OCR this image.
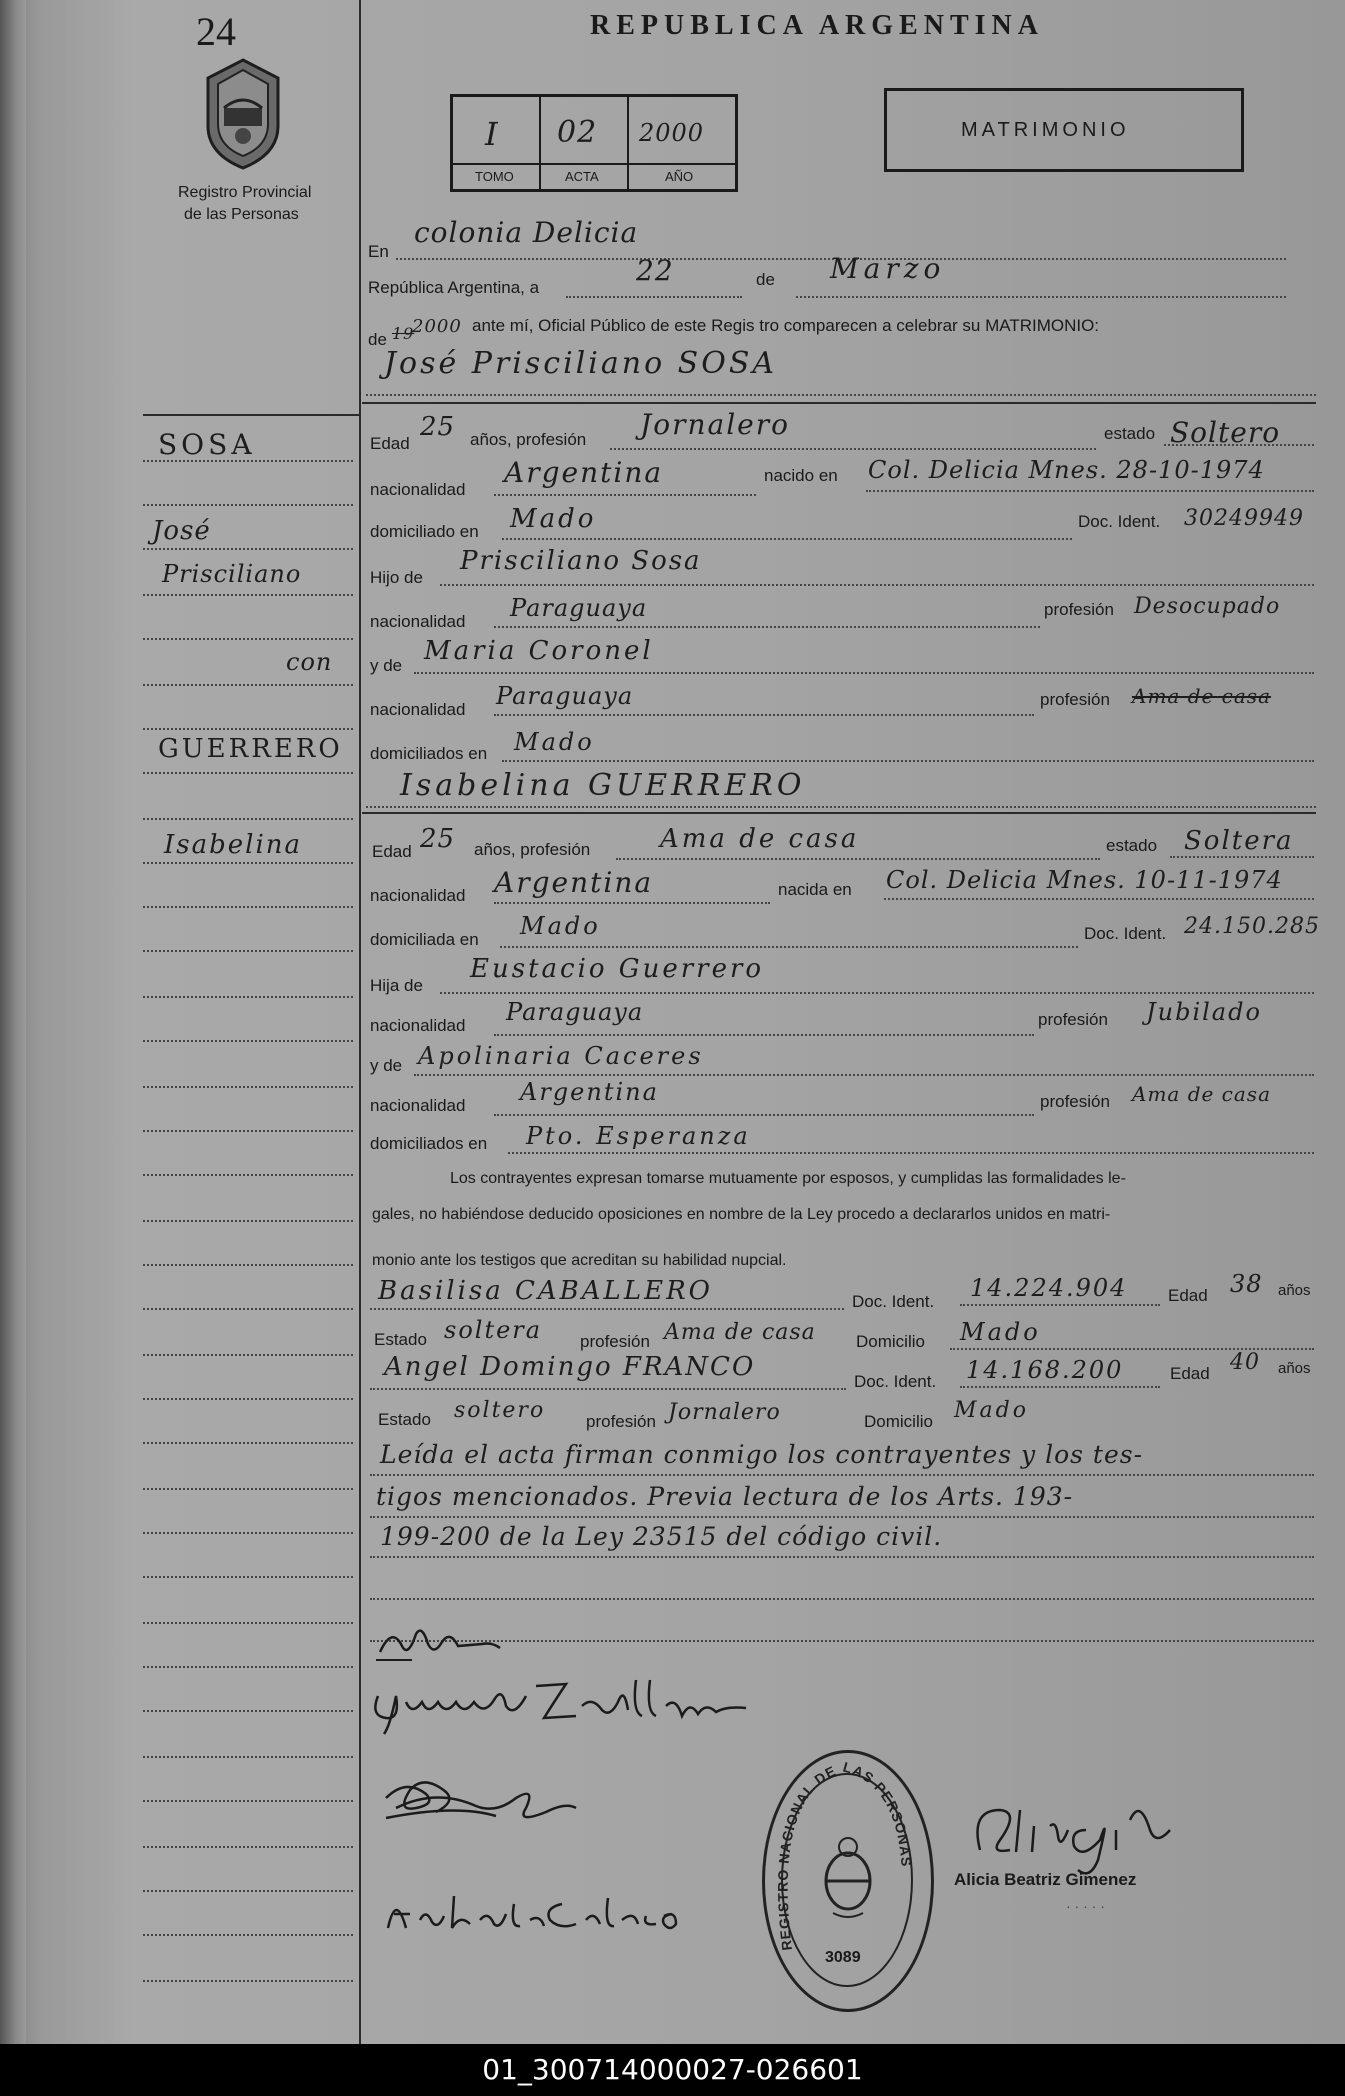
24
Registro Provincial
de las Personas
REPUBLICA ARGENTINA
I 02 2000
TOMO	ACTA	AÑO
MATRIMONIO
SOSA
José
Prisciliano
con
GUERRERO
Isabelina
En
colonia Delicia
República Argentina, a
22	de Marzo
de 19
2000 ante mí, Oficial Público de este Regis tro comparecen a celebrar su MATRIMONIO:
José Prisciliano SOSA
Edad
25 años, profesión Jornalero	estado Soltero
nacionalidad
Argentina	nacido en Col. Delicia Mnes. 28-10-1974
domiciliado en Mado	Doc. Ident. 30249949
Hijo de
Prisciliano Sosa
nacionalidad Paraguaya	profesión Desocupado
y de Maria Coronel
nacionalidad Paraguaya	profesión Ama de casa
domiciliados en Mado
Isabelina GUERRERO
Edad 25 años, profesión	Ama de casa	estado Soltera
nacionalidad Argentina	nacida en Col. Delicia Mnes. 10-11-1974
domiciliada en Mado	Doc. Ident. 24.150.285
Hija de
Eustacio Guerrero
nacionalidad Paraguaya	profesión Jubilado
y de Apolinaria Caceres
nacionalidad Argentina	profesión Ama de casa
domiciliados en Pto. Esperanza
Los contrayentes expresan tomarse mutuamente por esposos, y cumplidas las formalidades le-
gales, no habiéndose deducido oposiciones en nombre de la Ley procedo a declararlos unidos en matri-
monio ante los testigos que acreditan su habilidad nupcial.
Basilisa CABALLERO	Doc. Ident. 14.224.904 Edad 38 años
Estado soltera profesión Ama de casa Domicilio Mado
Angel Domingo FRANCO	Doc. Ident. 14.168.200	Edad 40 años
Estado soltero profesión Jornalero	Domicilio Mado
Leída el acta firman conmigo los contrayentes y los tes-
tigos mencionados. Previa lectura de los Arts. 193-
199-200 de la Ley 23515 del código civil.
3089
REGISTRO NACIONAL DE LAS PERSONAS
Alicia Beatriz Gimenez
· · · · ·
01_300714000027-026601
